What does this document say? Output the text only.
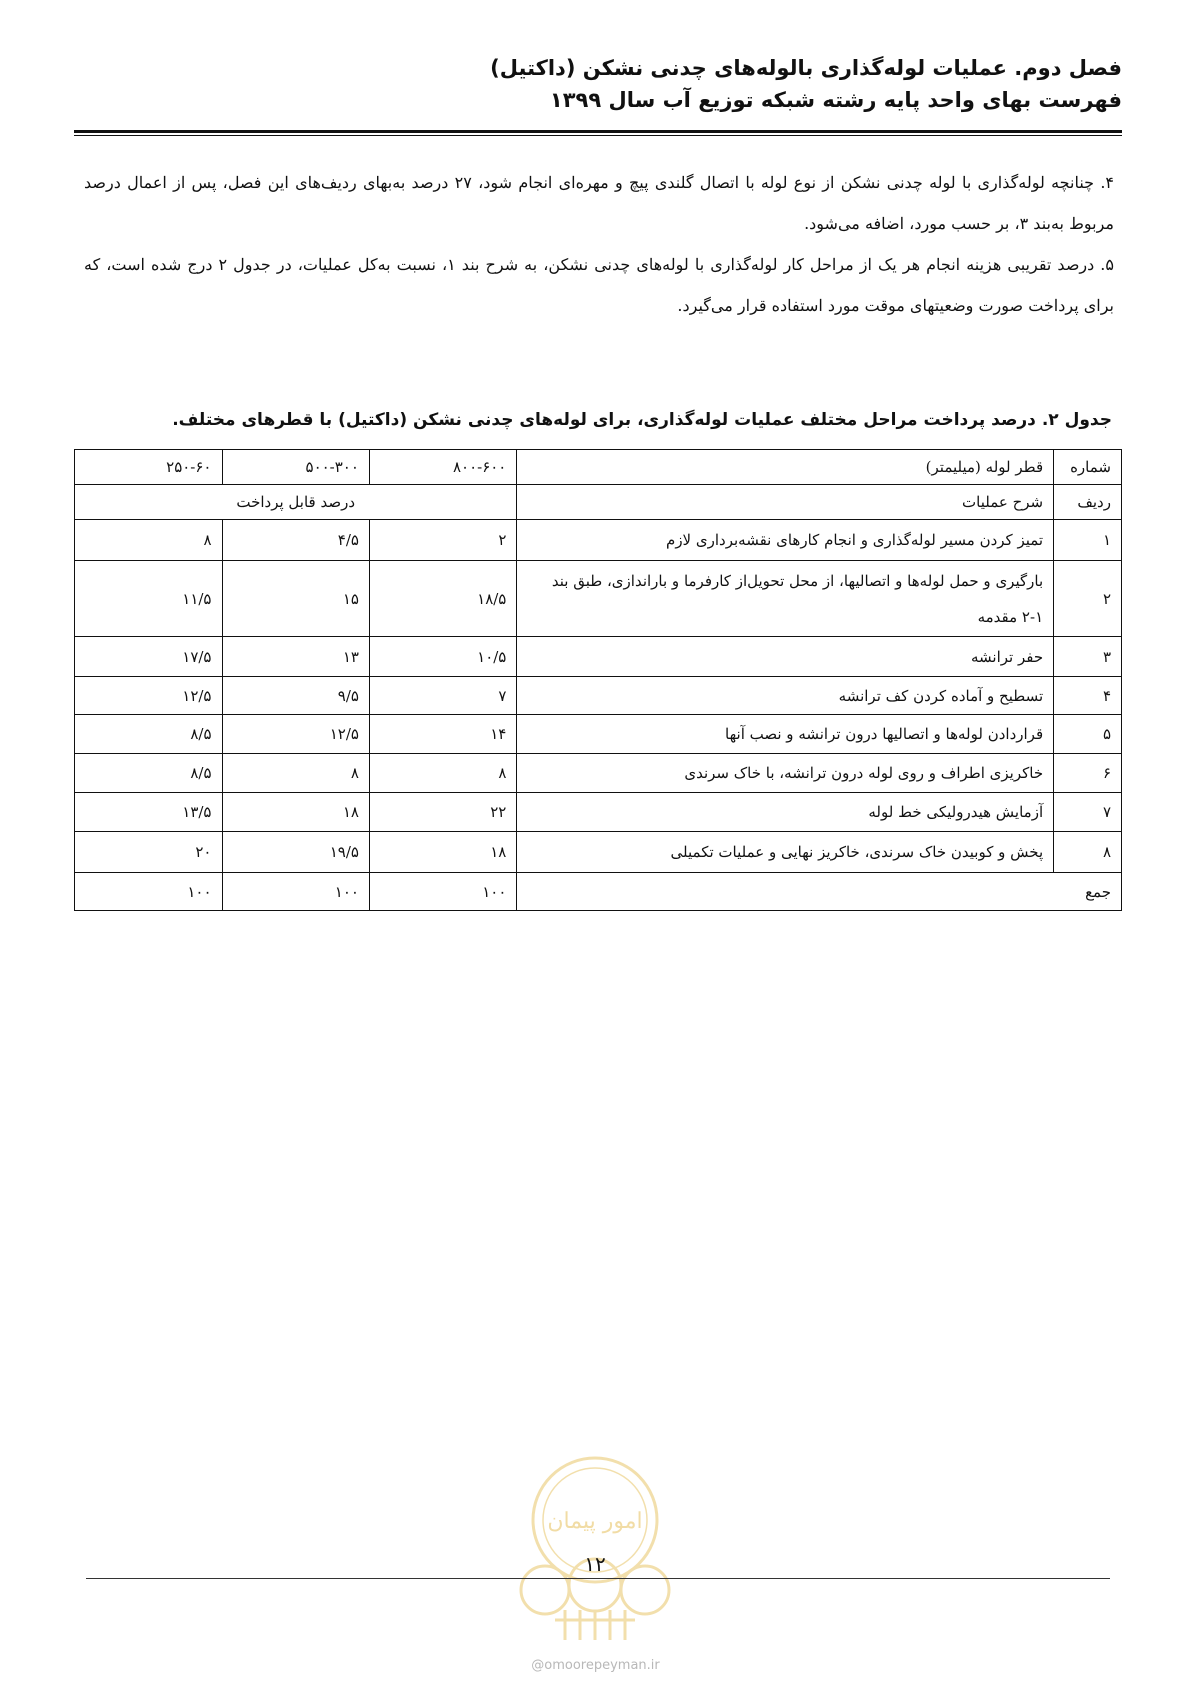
فصل دوم. عملیات لوله‌گذاری بالوله‌های چدنی نشکن (داکتیل)
فهرست بهای واحد پایه رشته شبکه توزیع آب سال ۱۳۹۹

۴. چنانچه لوله‌گذاری با لوله چدنی نشکن از نوع لوله با اتصال گلندی پیچ و مهره‌ای انجام شود، ۲۷ درصد به‌بهای ردیف‌های این فصل، پس از اعمال درصد مربوط به‌بند ۳، بر حسب مورد، اضافه می‌شود.

۵. درصد تقریبی هزینه انجام هر یک از مراحل کار لوله‌گذاری با لوله‌های چدنی نشکن، به شرح بند ۱، نسبت به‌کل عملیات، در جدول ۲ درج شده است، که برای پرداخت صورت وضعیتهای موقت مورد استفاده قرار می‌گیرد.

جدول ۲. درصد پرداخت مراحل مختلف عملیات لوله‌گذاری، برای لوله‌های چدنی نشکن (داکتیل) با قطرهای مختلف.
شماره	قطر لوله (میلیمتر)	۸۰۰-۶۰۰	۵۰۰-۳۰۰	۲۵۰-۶۰
ردیف	شرح عملیات	درصد قابل پرداخت		
۱	تمیز کردن مسیر لوله‌گذاری و انجام کارهای نقشه‌برداری لازم	۲	۴/۵	۸
۲	بارگیری و حمل لوله‌ها و اتصالیها، از محل تحویل‌از کارفرما و باراندازی، طبق بند ۱-۲ مقدمه	۱۸/۵	۱۵	۱۱/۵
۳	حفر ترانشه	۱۰/۵	۱۳	۱۷/۵
۴	تسطیح و آماده کردن کف ترانشه	۷	۹/۵	۱۲/۵
۵	قراردادن لوله‌ها و اتصالیها درون ترانشه و نصب آنها	۱۴	۱۲/۵	۸/۵
۶	خاکریزی اطراف و روی لوله درون ترانشه، با خاک سرندی	۸	۸	۸/۵
۷	آزمایش هیدرولیکی خط لوله	۲۲	۱۸	۱۳/۵
۸	پخش و کوبیدن خاک سرندی، خاکریز نهایی و عملیات تکمیلی	۱۸	۱۹/۵	۲۰
جمع		۱۰۰	۱۰۰	۱۰۰
امور پیمان
۱۲
@omoorepeyman.ir
